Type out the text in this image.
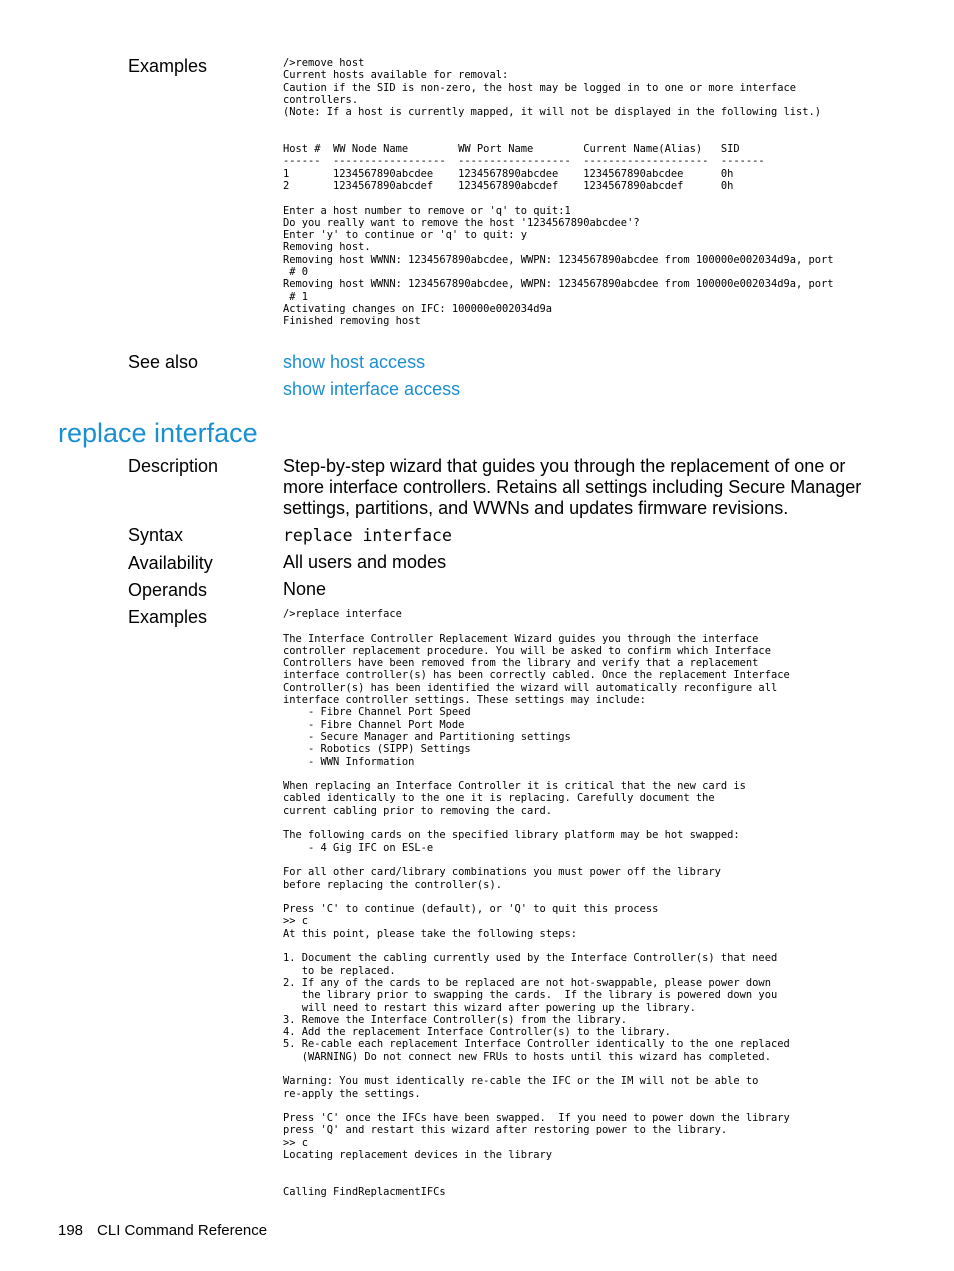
Examples	/>remove host
Current hosts available for removal:
Caution if the SID is non-zero, the host may be logged in to one or more interface
controllers.
(Note: If a host is currently mapped, it will not be displayed in the following list.)

Host #  WW Node Name        WW Port Name        Current Name(Alias)   SID
------  ------------------  ------------------  --------------------  -------
1       1234567890abcdee    1234567890abcdee    1234567890abcdee      0h
2       1234567890abcdef    1234567890abcdef    1234567890abcdef      0h

Enter a host number to remove or 'q' to quit:1
Do you really want to remove the host '1234567890abcdee'?
Enter 'y' to continue or 'q' to quit: y
Removing host.
Removing host WWNN: 1234567890abcdee, WWPN: 1234567890abcdee from 100000e002034d9a, port
# 0
Removing host WWNN: 1234567890abcdee, WWPN: 1234567890abcdee from 100000e002034d9a, port
# 1
Activating changes on IFC: 100000e002034d9a
Finished removing host
See also	show host access
show interface access
replace interface
Description	Step-by-step wizard that guides you through the replacement of one or more interface controllers. Retains all settings including Secure Manager settings, partitions, and WWNs and updates firmware revisions.
Syntax	replace interface
Availability	All users and modes
Operands	None
Examples	/>replace interface

The Interface Controller Replacement Wizard guides you through the interface
controller replacement procedure. You will be asked to confirm which Interface
Controllers have been removed from the library and verify that a replacement
interface controller(s) has been correctly cabled. Once the replacement Interface
Controller(s) has been identified the wizard will automatically reconfigure all
interface controller settings. These settings may include:
- Fibre Channel Port Speed
- Fibre Channel Port Mode
- Secure Manager and Partitioning settings
- Robotics (SIPP) Settings
- WWN Information

When replacing an Interface Controller it is critical that the new card is
cabled identically to the one it is replacing. Carefully document the
current cabling prior to removing the card.

The following cards on the specified library platform may be hot swapped:
- 4 Gig IFC on ESL-e

For all other card/library combinations you must power off the library
before replacing the controller(s).

Press 'C' to continue (default), or 'Q' to quit this process
>> c
At this point, please take the following steps:

1. Document the cabling currently used by the Interface Controller(s) that need
to be replaced.
2. If any of the cards to be replaced are not hot-swappable, please power down
the library prior to swapping the cards.  If the library is powered down you
will need to restart this wizard after powering up the library.
3. Remove the Interface Controller(s) from the library.
4. Add the replacement Interface Controller(s) to the library.
5. Re-cable each replacement Interface Controller identically to the one replaced
(WARNING) Do not connect new FRUs to hosts until this wizard has completed.

Warning: You must identically re-cable the IFC or the IM will not be able to
re-apply the settings.

Press 'C' once the IFCs have been swapped.  If you need to power down the library
press 'Q' and restart this wizard after restoring power to the library.
>> c
Locating replacement devices in the library

Calling FindReplacmentIFCs
198 CLI Command Reference
